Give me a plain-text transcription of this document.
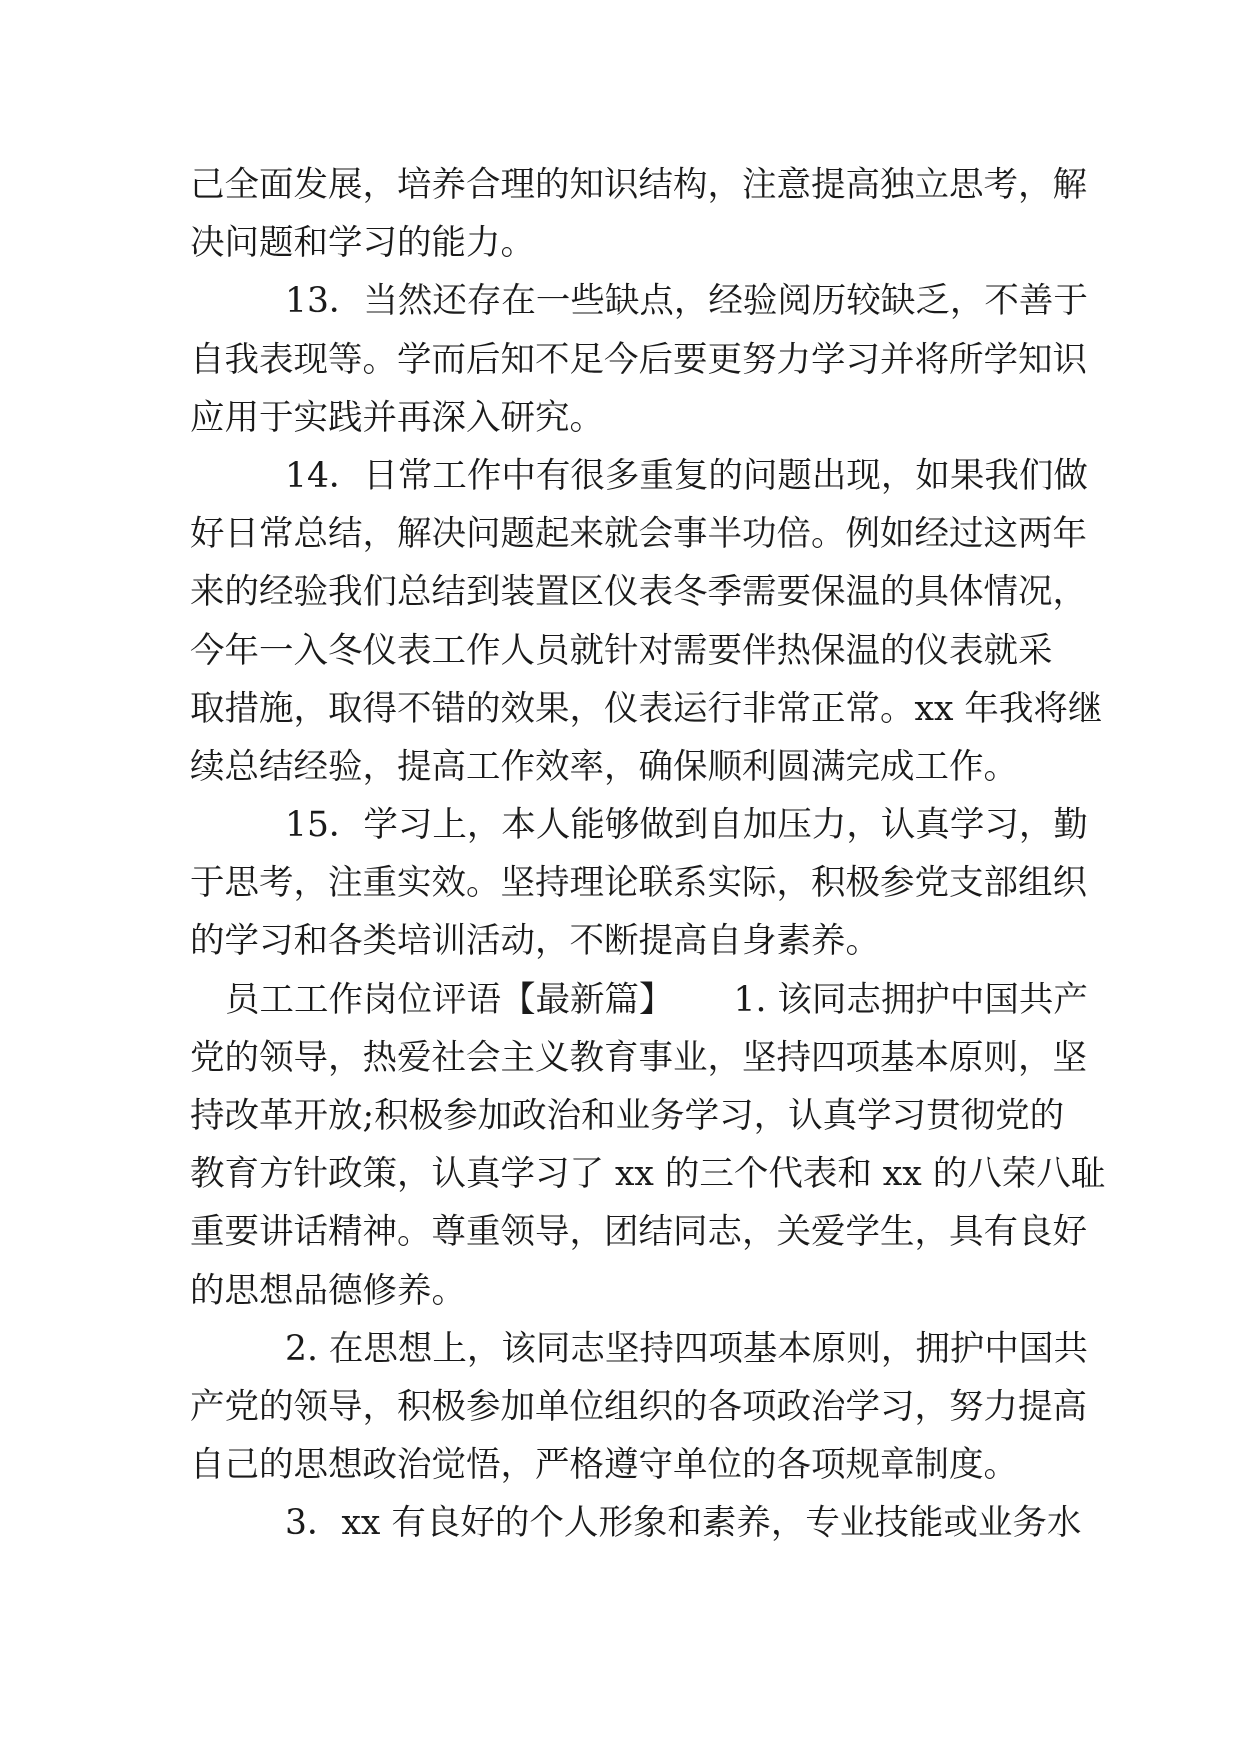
己全面发展，培养合理的知识结构，注意提高独立思考，解
决问题和学习的能力。
13．当然还存在一些缺点，经验阅历较缺乏，不善于
自我表现等。学而后知不足今后要更努力学习并将所学知识
应用于实践并再深入研究。
14．日常工作中有很多重复的问题出现，如果我们做
好日常总结，解决问题起来就会事半功倍。例如经过这两年
来的经验我们总结到装置区仪表冬季需要保温的具体情况，
今年一入冬仪表工作人员就针对需要伴热保温的仪表就采
取措施，取得不错的效果，仪表运行非常正常。xx 年我将继
续总结经验，提高工作效率，确保顺利圆满完成工作。
15．学习上，本人能够做到自加压力，认真学习，勤
于思考，注重实效。坚持理论联系实际，积极参党支部组织
的学习和各类培训活动，不断提高自身素养。
员工工作岗位评语【最新篇】 1. 该同志拥护中国共产
党的领导，热爱社会主义教育事业，坚持四项基本原则，坚
持改革开放;积极参加政治和业务学习，认真学习贯彻党的
教育方针政策，认真学习了 xx 的三个代表和 xx 的八荣八耻
重要讲话精神。尊重领导，团结同志，关爱学生，具有良好
的思想品德修养。
2. 在思想上，该同志坚持四项基本原则，拥护中国共
产党的领导，积极参加单位组织的各项政治学习，努力提高
自己的思想政治觉悟，严格遵守单位的各项规章制度。
3．xx 有良好的个人形象和素养，专业技能或业务水
